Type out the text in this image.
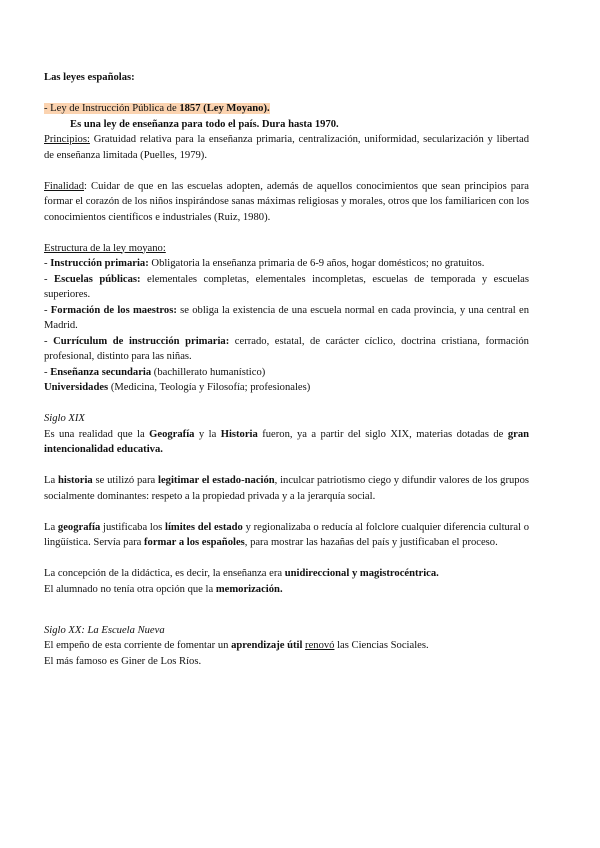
Las leyes españolas:

- Ley de Instrucción Pública de 1857 (Ley Moyano).

Es una ley de enseñanza para todo el país. Dura hasta 1970.

Principios: Gratuidad relativa para la enseñanza primaria, centralización, uniformidad, secularización y libertad de enseñanza limitada (Puelles, 1979).

Finalidad: Cuidar de que en las escuelas adopten, además de aquellos conocimientos que sean principios para formar el corazón de los niños inspirándose sanas máximas religiosas y morales, otros que los familiaricen con los conocimientos científicos e industriales (Ruiz, 1980).

Estructura de la ley moyano:

- Instrucción primaria: Obligatoria la enseñanza primaria de 6-9 años, hogar domésticos; no gratuitos.

- Escuelas públicas: elementales completas, elementales incompletas, escuelas de temporada y escuelas superiores.

- Formación de los maestros: se obliga la existencia de una escuela normal en cada provincia, y una central en Madrid.

- Currículum de instrucción primaria: cerrado, estatal, de carácter cíclico, doctrina cristiana, formación profesional, distinto para las niñas.

- Enseñanza secundaria (bachillerato humanístico)

Universidades (Medicina, Teología y Filosofía; profesionales)

Siglo XIX

Es una realidad que la Geografía y la Historia fueron, ya a partir del siglo XIX, materias dotadas de gran intencionalidad educativa.

La historia se utilizó para legitimar el estado-nación, inculcar patriotismo ciego y difundir valores de los grupos socialmente dominantes: respeto a la propiedad privada y a la jerarquía social.

La geografía justificaba los límites del estado y regionalizaba o reducía al folclore cualquier diferencia cultural o lingüística. Servía para formar a los españoles, para mostrar las hazañas del país y justificaban el proceso.

La concepción de la didáctica, es decir, la enseñanza era unidireccional y magistrocéntrica.

El alumnado no tenía otra opción que la memorización.

Siglo XX: La Escuela Nueva

El empeño de esta corriente de fomentar un aprendizaje útil renovó las Ciencias Sociales.

El más famoso es Giner de Los Ríos.
